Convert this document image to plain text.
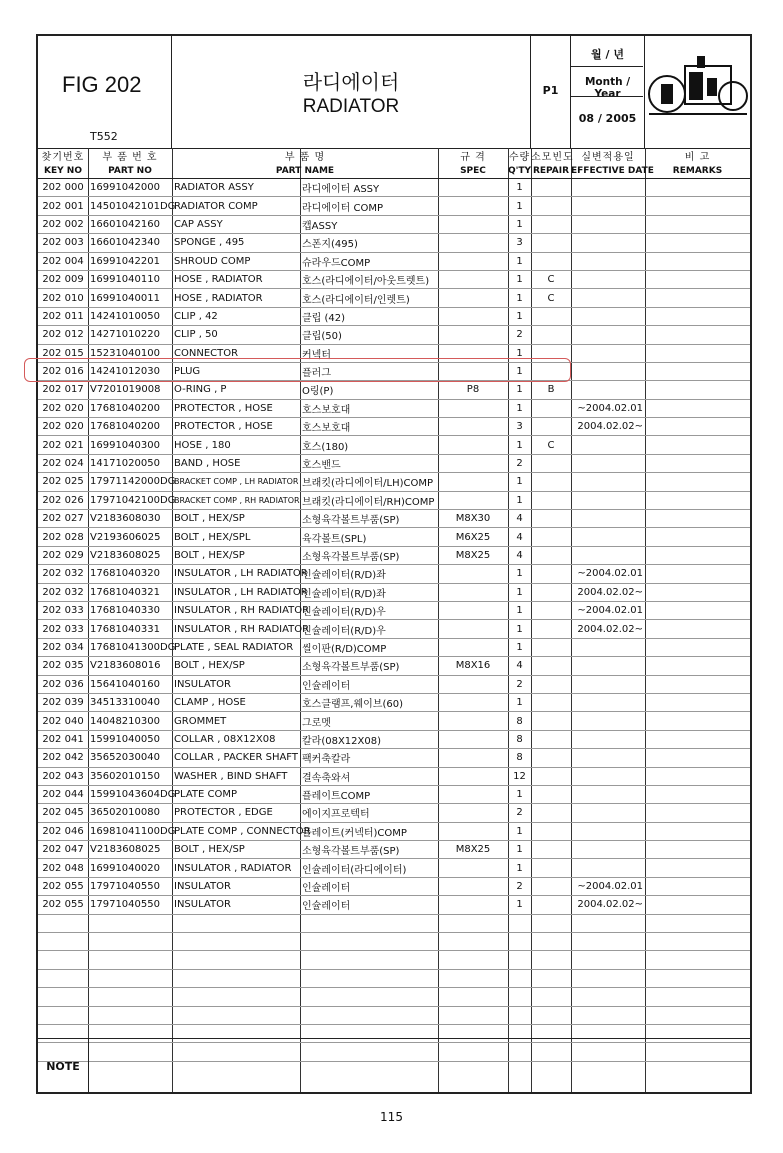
FIG 202
T552
라디에이터
RADIATOR
P1
월 / 년
Month / Year
08 / 2005
찾기번호	부 품 번 호	부 품 명		규 격	수량	소모빈도	실변적용일	비 고
KEY NO	PART NO	PART NAME		SPEC	Q'TY	REPAIR	EFFECTIVE DATE	REMARKS
202 000	16991042000	RADIATOR ASSY	라디에이터 ASSY		1			
202 001	14501042101DG	RADIATOR COMP	라디에이터 COMP		1			
202 002	16601042160	CAP ASSY	캡ASSY		1			
202 003	16601042340	SPONGE , 495	스폰지(495)		3			
202 004	16991042201	SHROUD COMP	슈라우드COMP		1			
202 009	16991040110	HOSE , RADIATOR	호스(라디에이터/아웃트렛트)		1	C		
202 010	16991040011	HOSE , RADIATOR	호스(라디에이터/인렛트)		1	C		
202 011	14241010050	CLIP , 42	클립 (42)		1			
202 012	14271010220	CLIP , 50	클립(50)		2			
202 015	15231040100	CONNECTOR	커넥터		1			
202 016	14241012030	PLUG	플러그		1			
202 017	V7201019008	O-RING , P	O링(P)	P8	1	B		
202 020	17681040200	PROTECTOR , HOSE	호스보호대		1		~2004.02.01	
202 020	17681040200	PROTECTOR , HOSE	호스보호대		3		2004.02.02~	
202 021	16991040300	HOSE , 180	호스(180)		1	C		
202 024	14171020050	BAND , HOSE	호스밴드		2			
202 025	17971142000DG	BRACKET COMP , LH RADIATOR	브래킷(라디에이터/LH)COMP		1			
202 026	17971042100DG	BRACKET COMP , RH RADIATOR	브래킷(라디에이터/RH)COMP		1			
202 027	V2183608030	BOLT , HEX/SP	소형육각볼트부품(SP)	M8X30	4			
202 028	V2193606025	BOLT , HEX/SPL	육각볼트(SPL)	M6X25	4			
202 029	V2183608025	BOLT , HEX/SP	소형육각볼트부품(SP)	M8X25	4			
202 032	17681040320	INSULATOR , LH RADIATOR	인슐레이터(R/D)좌		1		~2004.02.01	
202 032	17681040321	INSULATOR , LH RADIATOR	인슐레이터(R/D)좌		1		2004.02.02~	
202 033	17681040330	INSULATOR , RH RADIATOR	인슐레이터(R/D)우		1		~2004.02.01	
202 033	17681040331	INSULATOR , RH RADIATOR	인슐레이터(R/D)우		1		2004.02.02~	
202 034	17681041300DG	PLATE , SEAL RADIATOR	씰이판(R/D)COMP		1			
202 035	V2183608016	BOLT , HEX/SP	소형육각볼트부품(SP)	M8X16	4			
202 036	15641040160	INSULATOR	인슐레이터		2			
202 039	34513310040	CLAMP , HOSE	호스클램프,웨이브(60)		1			
202 040	14048210300	GROMMET	그로멧		8			
202 041	15991040050	COLLAR , 08X12X08	칼라(08X12X08)		8			
202 042	35652030040	COLLAR , PACKER SHAFT	팩커축칼라		8			
202 043	35602010150	WASHER , BIND SHAFT	결속축와셔		12			
202 044	15991043604DG	PLATE COMP	플레이트COMP		1			
202 045	36502010080	PROTECTOR , EDGE	에이지프로텍터		2			
202 046	16981041100DG	PLATE COMP , CONNECTOR	플레이트(커넥터)COMP		1			
202 047	V2183608025	BOLT , HEX/SP	소형육각볼트부품(SP)	M8X25	1			
202 048	16991040020	INSULATOR , RADIATOR	인슐레이터(라디에이터)		1			
202 055	17971040550	INSULATOR	인슐레이터		2		~2004.02.01	
202 055	17971040550	INSULATOR	인슐레이터		1		2004.02.02~	

NOTE
115
